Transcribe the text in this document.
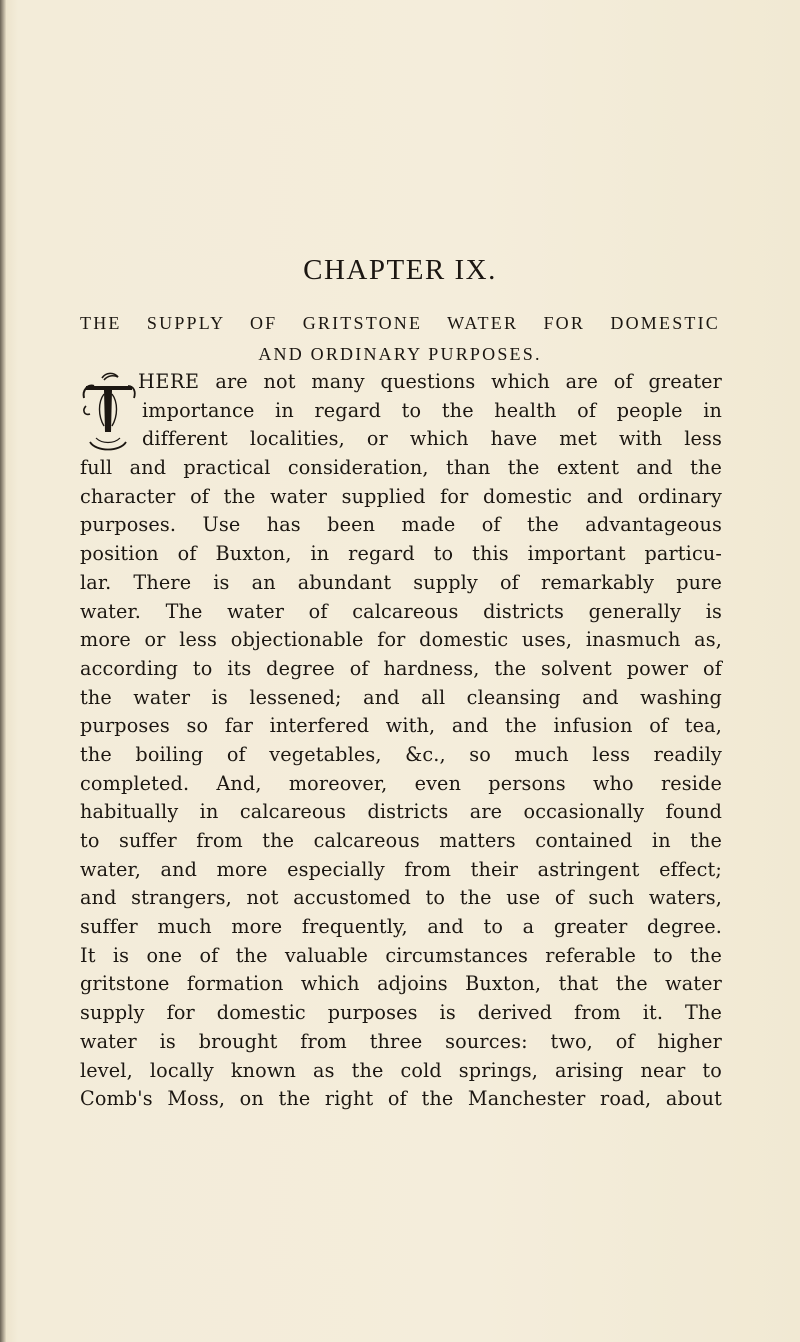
CHAPTER IX.
THE SUPPLY OF GRITSTONE WATER FOR DOMESTIC
AND ORDINARY PURPOSES.
HERE are not many questions which are of greater
importance in regard to the health of people in
different localities, or which have met with less
full and practical consideration, than the extent and the
character of the water supplied for domestic and ordinary
purposes. Use has been made of the advantageous
position of Buxton, in regard to this important particu-
lar. There is an abundant supply of remarkably pure
water. The water of calcareous districts generally is
more or less objectionable for domestic uses, inasmuch as,
according to its degree of hardness, the solvent power of
the water is lessened; and all cleansing and washing
purposes so far interfered with, and the infusion of tea,
the boiling of vegetables, &c., so much less readily
completed. And, moreover, even persons who reside
habitually in calcareous districts are occasionally found
to suffer from the calcareous matters contained in the
water, and more especially from their astringent effect;
and strangers, not accustomed to the use of such waters,
suffer much more frequently, and to a greater degree.
It is one of the valuable circumstances referable to the
gritstone formation which adjoins Buxton, that the water
supply for domestic purposes is derived from it. The
water is brought from three sources: two, of higher
level, locally known as the cold springs, arising near to
Comb's Moss, on the right of the Manchester road, about
